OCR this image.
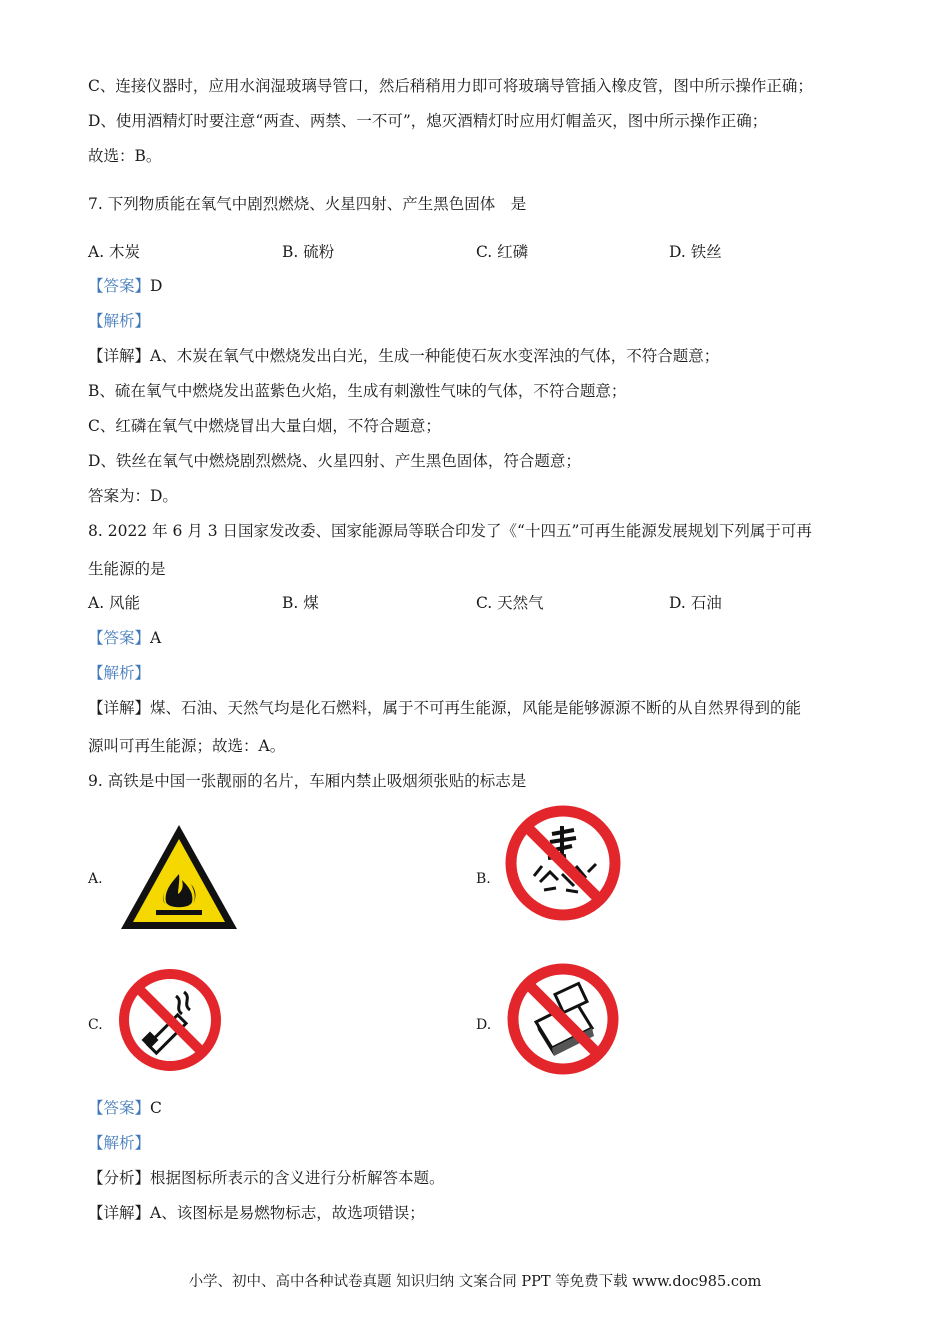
C、连接仪器时，应用水润湿玻璃导管口，然后稍稍用力即可将玻璃导管插入橡皮管，图中所示操作正确；
D、使用酒精灯时要注意“两查、两禁、一不可”，熄灭酒精灯时应用灯帽盖灭，图中所示操作正确；
故选：B。
7. 下列物质能在氧气中剧烈燃烧、火星四射、产生黑色固体　是
A. 木炭	B. 硫粉	C. 红磷	D. 铁丝
【答案】D
【解析】
【详解】A、木炭在氧气中燃烧发出白光，生成一种能使石灰水变浑浊的气体，不符合题意；
B、硫在氧气中燃烧发出蓝紫色火焰，生成有刺激性气味的气体，不符合题意；
C、红磷在氧气中燃烧冒出大量白烟，不符合题意；
D、铁丝在氧气中燃烧剧烈燃烧、火星四射、产生黑色固体，符合题意；
答案为：D。
8. 2022 年 6 月 3 日国家发改委、国家能源局等联合印发了《“十四五”可再生能源发展规划下列属于可再
生能源的是
A. 风能	B. 煤	C. 天然气	D. 石油
【答案】A
【解析】
【详解】煤、石油、天然气均是化石燃料，属于不可再生能源，风能是能够源源不断的从自然界得到的能
源叫可再生能源；故选：A。
9. 高铁是中国一张靓丽的名片，车厢内禁止吸烟须张贴的标志是
A.	B.
C.	D.
【答案】C
【解析】
【分析】根据图标所表示的含义进行分析解答本题。
【详解】A、该图标是易燃物标志，故选项错误；
小学、初中、高中各种试卷真题 知识归纳 文案合同 PPT 等免费下载 www.doc985.com
